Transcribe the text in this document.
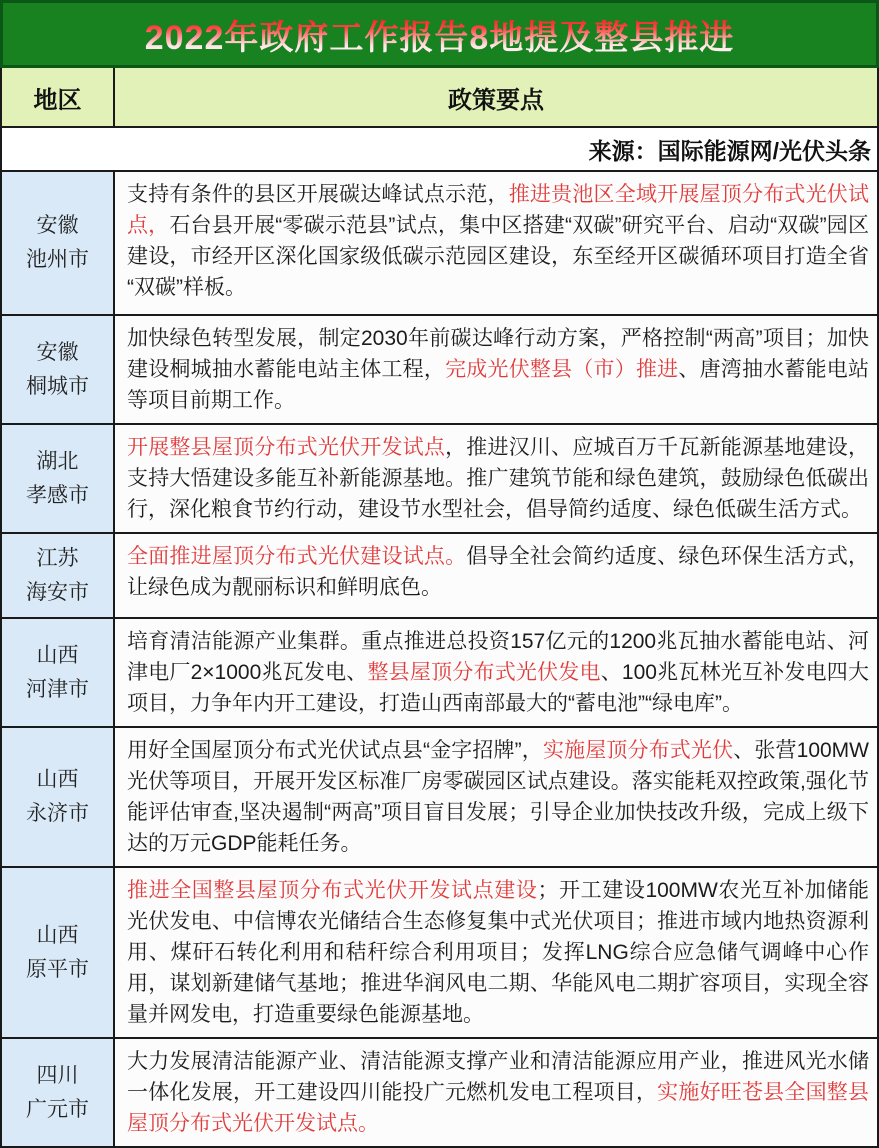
2022年政府工作报告8地提及整县推进
地区	政策要点
来源：国际能源网/光伏头条
安徽
池州市
支持有条件的县区开展碳达峰试点示范，推进贵池区全域开展屋顶分布式光伏试点，石台县开展“零碳示范县”试点，集中区搭建“双碳”研究平台、启动“双碳”园区建设，市经开区深化国家级低碳示范园区建设，东至经开区碳循环项目打造全省“双碳”样板。
安徽
桐城市
加快绿色转型发展，制定2030年前碳达峰行动方案，严格控制“两高”项目；加快建设桐城抽水蓄能电站主体工程，完成光伏整县（市）推进、唐湾抽水蓄能电站等项目前期工作。
湖北
孝感市
开展整县屋顶分布式光伏开发试点，推进汉川、应城百万千瓦新能源基地建设，支持大悟建设多能互补新能源基地。推广建筑节能和绿色建筑，鼓励绿色低碳出行，深化粮食节约行动，建设节水型社会，倡导简约适度、绿色低碳生活方式。
江苏
海安市
全面推进屋顶分布式光伏建设试点。倡导全社会简约适度、绿色环保生活方式，让绿色成为靓丽标识和鲜明底色。
山西
河津市
培育清洁能源产业集群。重点推进总投资157亿元的1200兆瓦抽水蓄能电站、河津电厂2×1000兆瓦发电、整县屋顶分布式光伏发电、100兆瓦林光互补发电四大项目，力争年内开工建设，打造山西南部最大的“蓄电池”“绿电库”。
山西
永济市
用好全国屋顶分布式光伏试点县“金字招牌”，实施屋顶分布式光伏、张营100MW光伏等项目，开展开发区标准厂房零碳园区试点建设。落实能耗双控政策,强化节能评估审查,坚决遏制“两高”项目盲目发展；引导企业加快技改升级，完成上级下达的万元GDP能耗任务。
山西
原平市
推进全国整县屋顶分布式光伏开发试点建设；开工建设100MW农光互补加储能光伏发电、中信博农光储结合生态修复集中式光伏项目；推进市域内地热资源利用、煤矸石转化利用和秸秆综合利用项目；发挥LNG综合应急储气调峰中心作用，谋划新建储气基地；推进华润风电二期、华能风电二期扩容项目，实现全容量并网发电，打造重要绿色能源基地。
四川
广元市
大力发展清洁能源产业、清洁能源支撑产业和清洁能源应用产业，推进风光水储一体化发展，开工建设四川能投广元燃机发电工程项目，实施好旺苍县全国整县屋顶分布式光伏开发试点。
